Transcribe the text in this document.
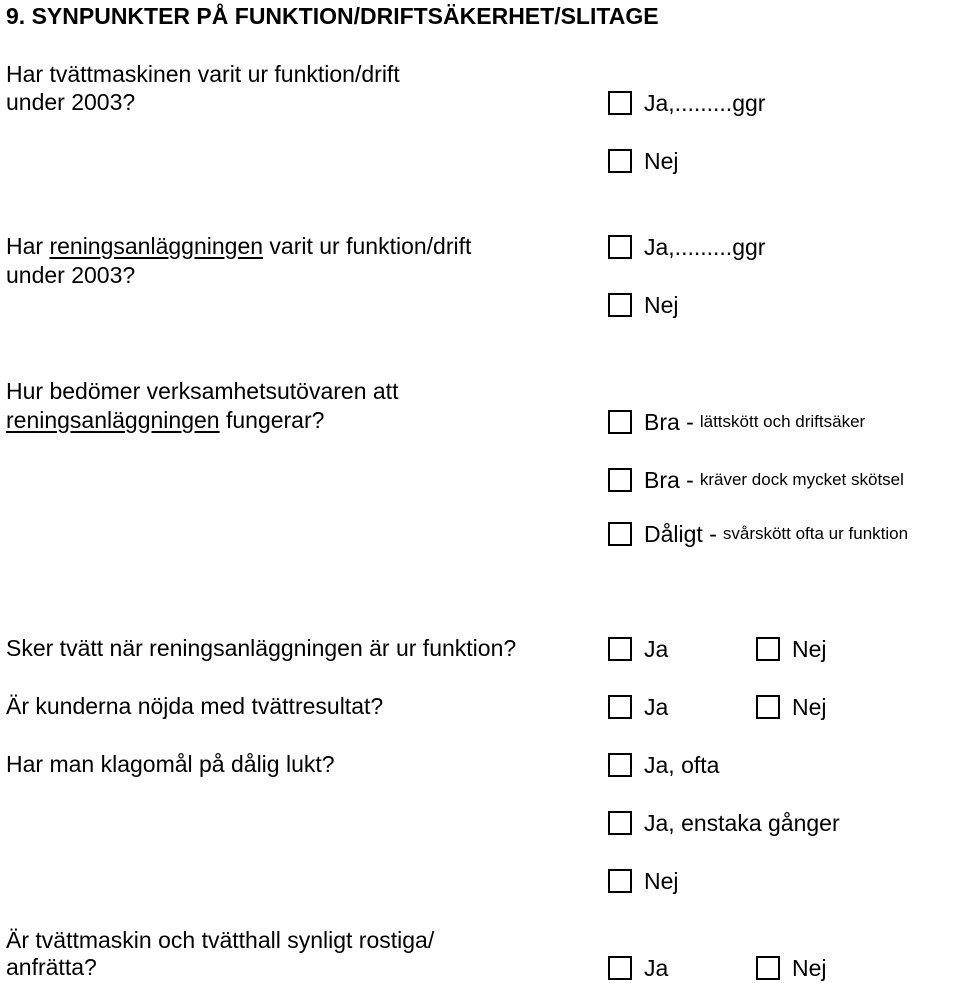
9. SYNPUNKTER PÅ FUNKTION/DRIFTSÄKERHET/SLITAGE
Har tvättmaskinen varit ur funktion/drift
under 2003?	Ja,.........ggr
Nej
Har reningsanläggningen varit ur funktion/drift
under 2003?
Ja,.........ggr
Nej
Hur bedömer verksamhetsutövaren att
reningsanläggningen fungerar?	Bra - lättskött och driftsäker
Bra - kräver dock mycket skötsel
Dåligt - svårskött ofta ur funktion
Sker tvätt när reningsanläggningen är ur funktion?	Ja	Nej
Är kunderna nöjda med tvättresultat?	Ja	Nej
Har man klagomål på dålig lukt?	Ja, ofta
Ja, enstaka gånger
Nej
Är tvättmaskin och tvätthall synligt rostiga/
anfrätta?	Ja	Nej
